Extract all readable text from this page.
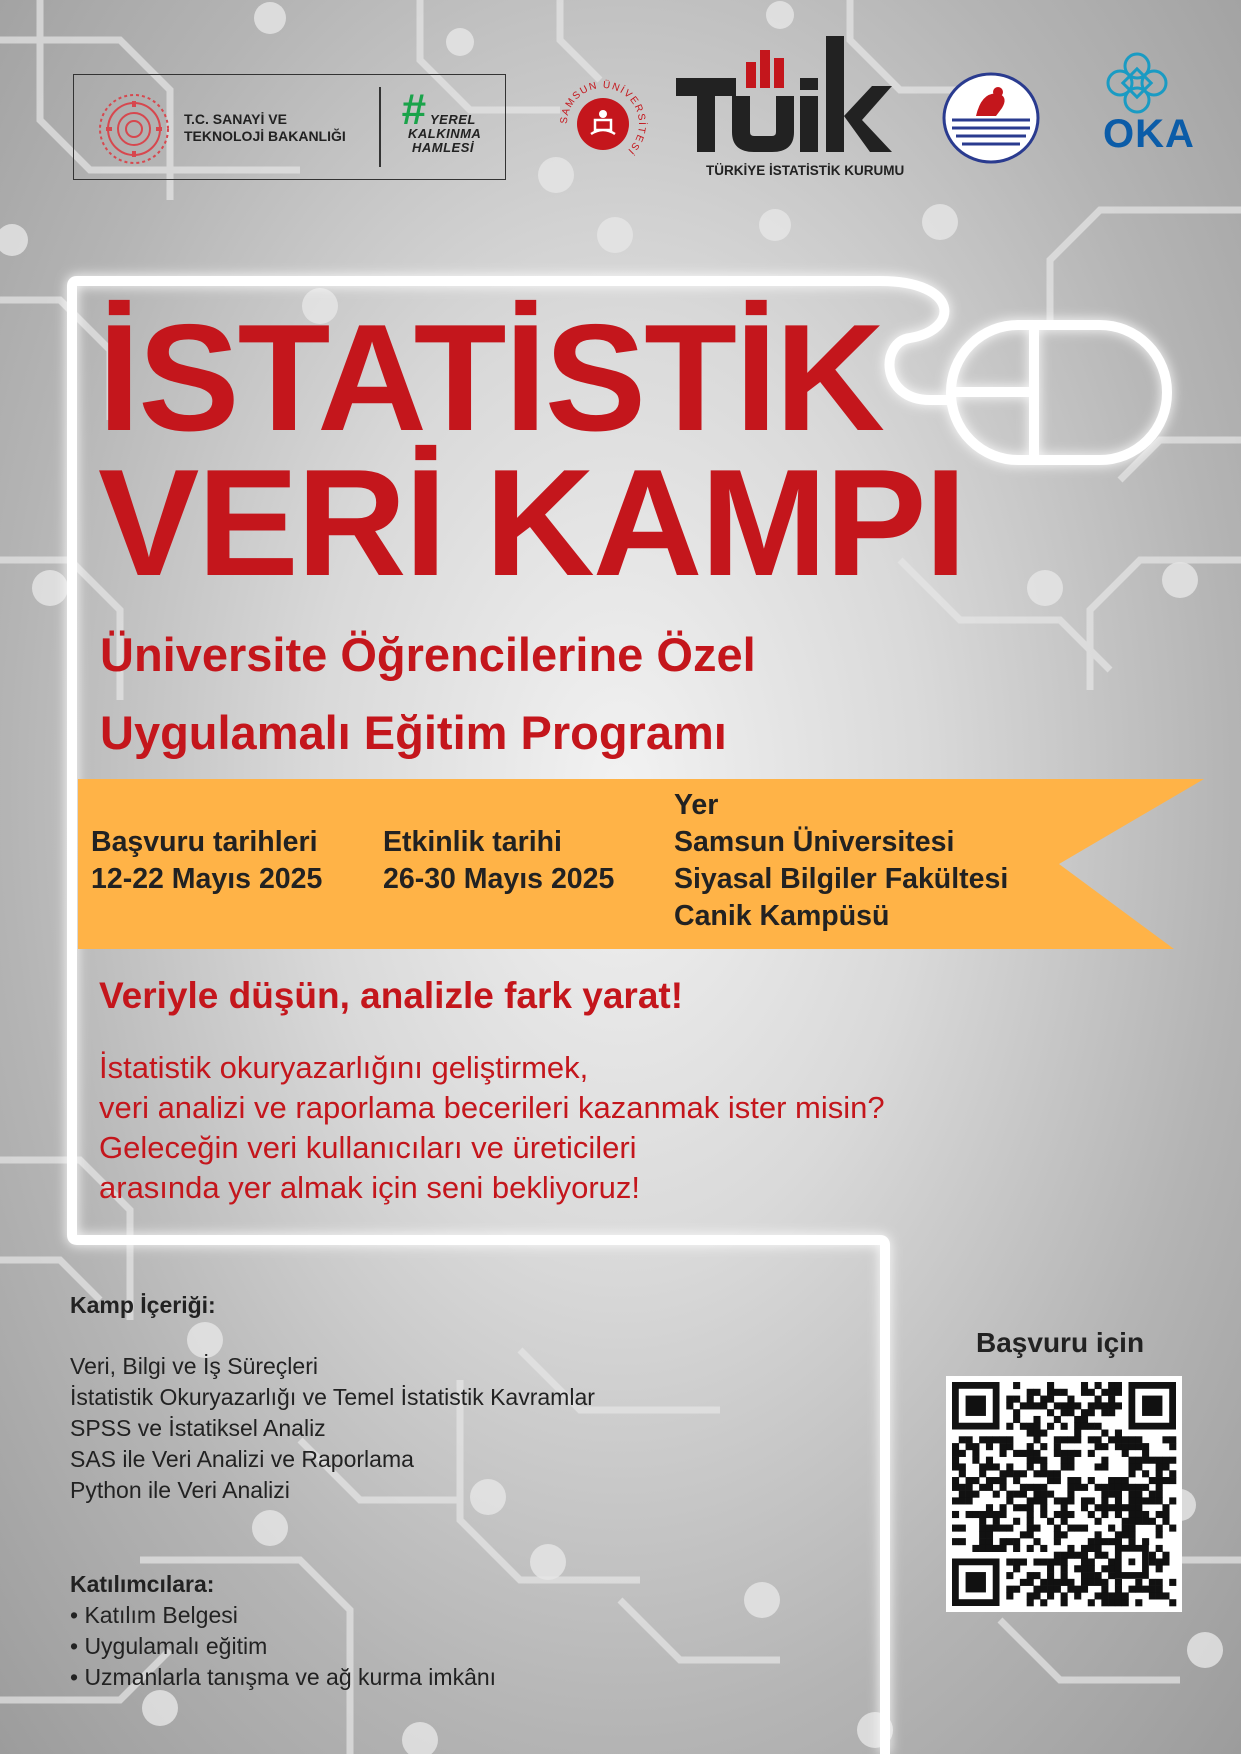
T.C. SANAYİ VE
TEKNOLOJİ BAKANLIĞI
# YEREL
KALKINMA
HAMLESİ
SAMSUN ÜNİVERSİTESİ
TÜRKİYE İSTATİSTİK KURUMU
OKA
İSTATİSTİK
VERİ KAMPI
Üniversite Öğrencilerine Özel
Uygulamalı Eğitim Programı
Başvuru tarihleri
12-22 Mayıs 2025
Etkinlik tarihi
26-30 Mayıs 2025
Yer
Samsun Üniversitesi
Siyasal Bilgiler Fakültesi
Canik Kampüsü
Veriyle düşün, analizle fark yarat!
İstatistik okuryazarlığını geliştirmek,
veri analizi ve raporlama becerileri kazanmak ister misin?
Geleceğin veri kullanıcıları ve üreticileri
arasında yer almak için seni bekliyoruz!
Kamp İçeriği:
Veri, Bilgi ve İş Süreçleri
İstatistik Okuryazarlığı ve Temel İstatistik Kavramlar
SPSS ve İstatiksel Analiz
SAS ile Veri Analizi ve Raporlama
Python ile Veri Analizi
Katılımcılara:
• Katılım Belgesi
• Uygulamalı eğitim
• Uzmanlarla tanışma ve ağ kurma imkânı
Başvuru için
